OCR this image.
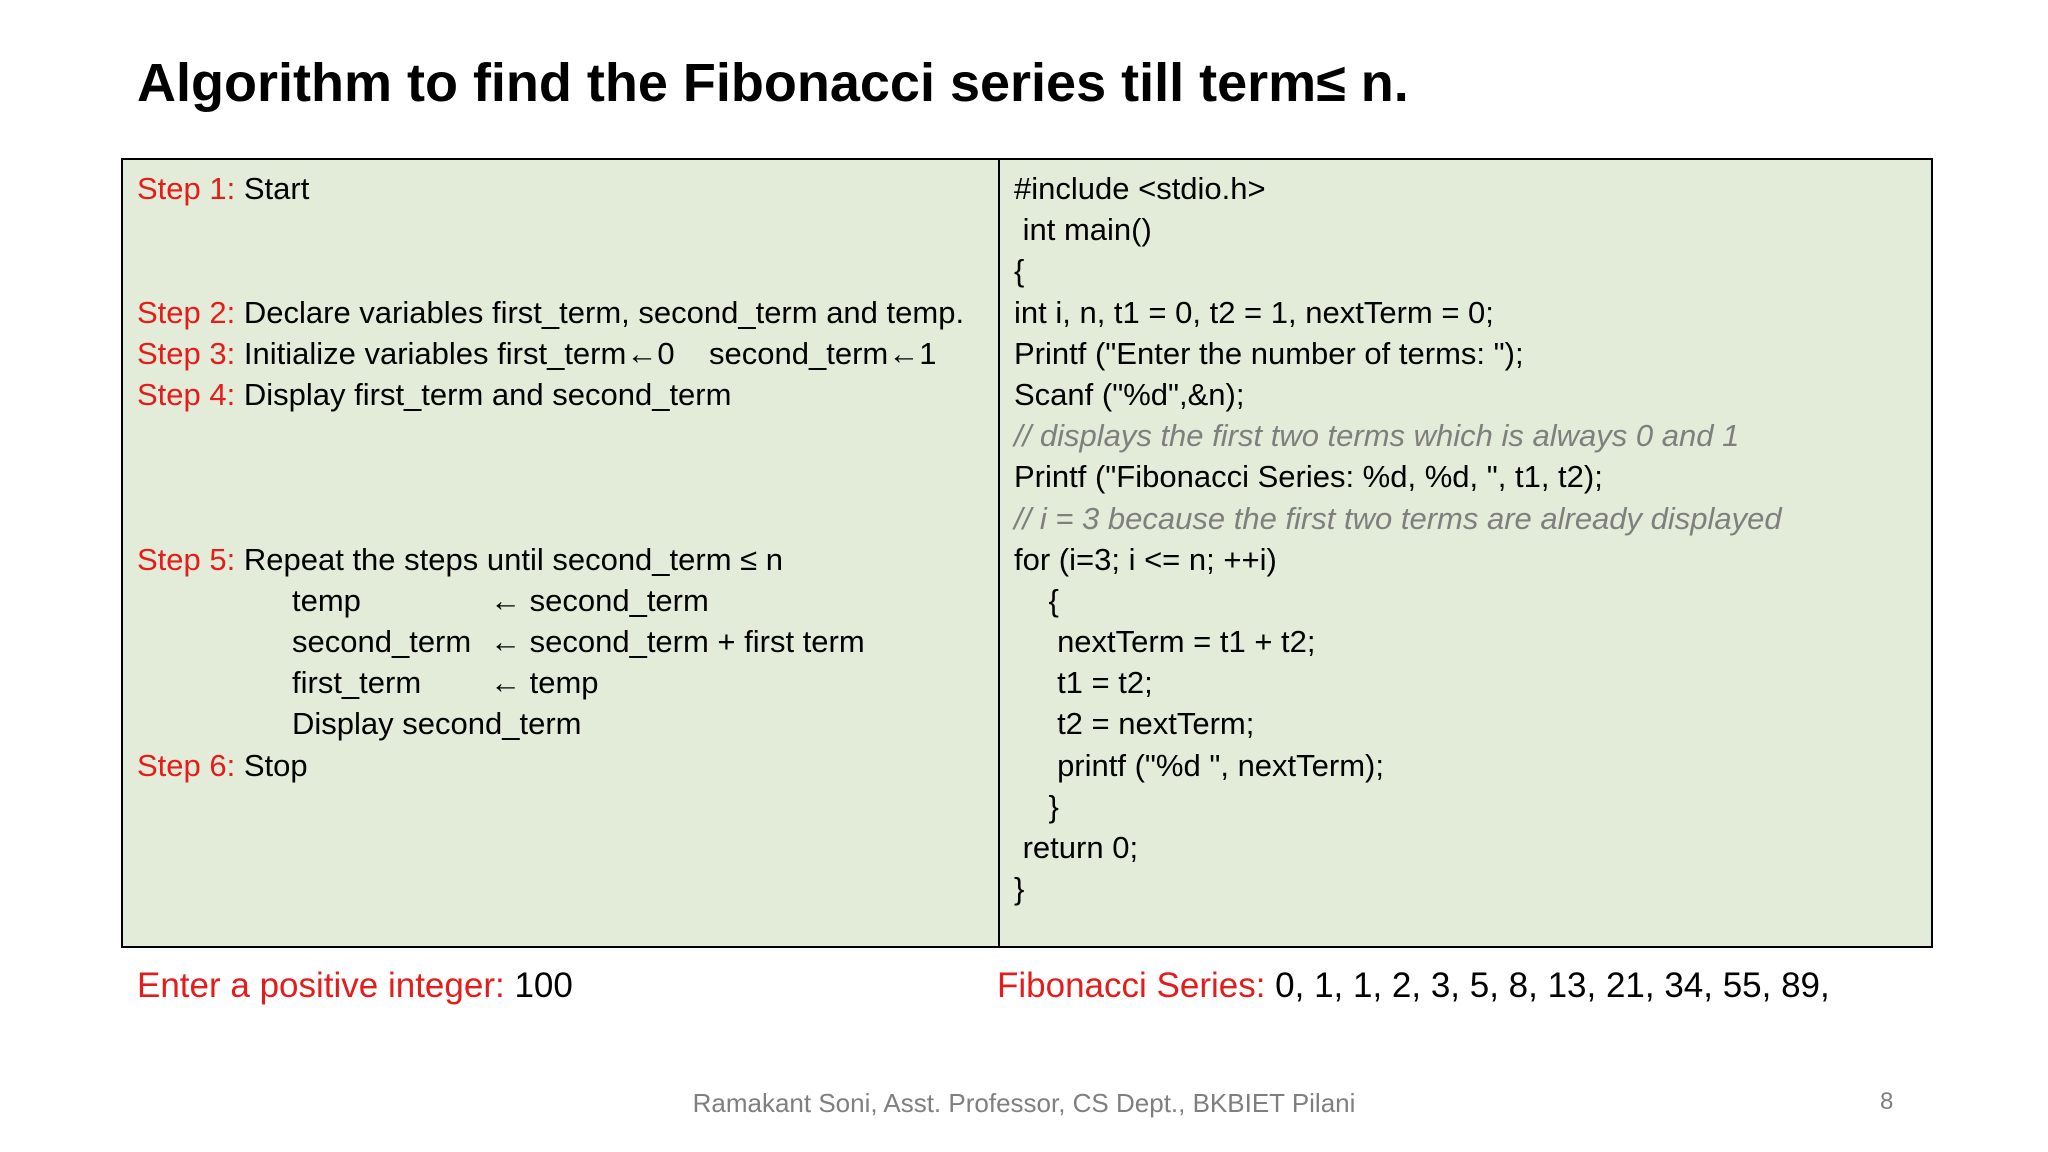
Algorithm to find the Fibonacci series till term≤ n.
Step 1: Start
Step 2: Declare variables first_term, second_term and temp.
Step 3: Initialize variables first_term←0    second_term←1
Step 4: Display first_term and second_term
Step 5: Repeat the steps until second_term ≤ n
temp	← second_term
second_term ← second_term + first term
first_term ← temp
Display second_term
Step 6: Stop
#include <stdio.h>
int main()
{
int i, n, t1 = 0, t2 = 1, nextTerm = 0;
Printf ("Enter the number of terms: ");
Scanf ("%d",&n);
// displays the first two terms which is always 0 and 1
Printf ("Fibonacci Series: %d, %d, ", t1, t2);
// i = 3 because the first two terms are already displayed
for (i=3; i <= n; ++i)
{
nextTerm = t1 + t2;
t1 = t2;
t2 = nextTerm;
printf ("%d ", nextTerm);
}
return 0;
}
Enter a positive integer: 100	Fibonacci Series: 0, 1, 1, 2, 3, 5, 8, 13, 21, 34, 55, 89,
Ramakant Soni, Asst. Professor, CS Dept., BKBIET Pilani	8
